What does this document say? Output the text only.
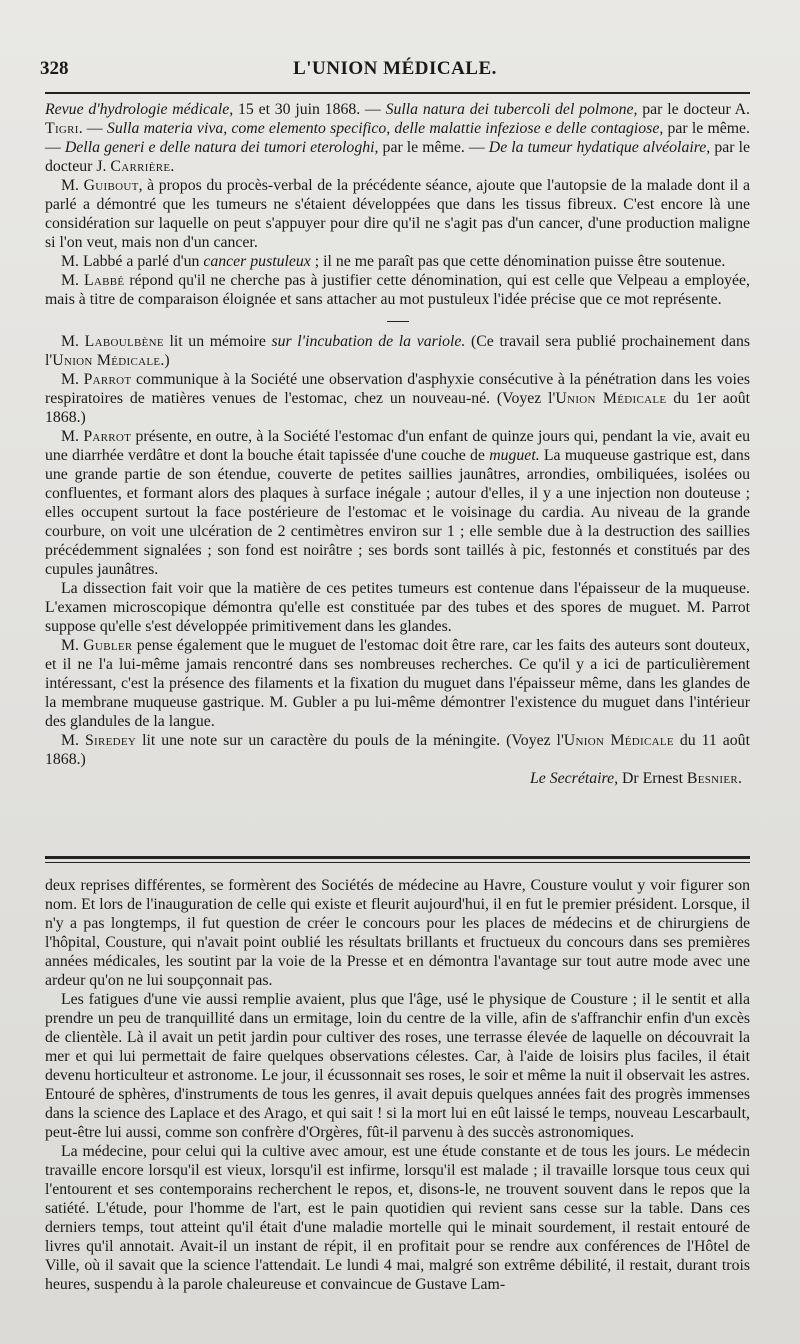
328	L'UNION MÉDICALE.

Revue d'hydrologie médicale, 15 et 30 juin 1868. — Sulla natura dei tubercoli del polmone, par le docteur A. Tigri. — Sulla materia viva, come elemento specifico, delle malattie infeziose e delle contagiose, par le même. — Della generi e delle natura dei tumori eterologhi, par le même. — De la tumeur hydatique alvéolaire, par le docteur J. Carrière.

M. Guibout, à propos du procès-verbal de la précédente séance, ajoute que l'autopsie de la malade dont il a parlé a démontré que les tumeurs ne s'étaient développées que dans les tissus fibreux. C'est encore là une considération sur laquelle on peut s'appuyer pour dire qu'il ne s'agit pas d'un cancer, d'une production maligne si l'on veut, mais non d'un cancer.

M. Labbé a parlé d'un cancer pustuleux ; il ne me paraît pas que cette dénomination puisse être soutenue.

M. Labbé répond qu'il ne cherche pas à justifier cette dénomination, qui est celle que Velpeau a employée, mais à titre de comparaison éloignée et sans attacher au mot pustuleux l'idée précise que ce mot représente.

M. Laboulbène lit un mémoire sur l'incubation de la variole. (Ce travail sera publié prochainement dans l'Union Médicale.)

M. Parrot communique à la Société une observation d'asphyxie consécutive à la pénétration dans les voies respiratoires de matières venues de l'estomac, chez un nouveau-né. (Voyez l'Union Médicale du 1er août 1868.)

M. Parrot présente, en outre, à la Société l'estomac d'un enfant de quinze jours qui, pendant la vie, avait eu une diarrhée verdâtre et dont la bouche était tapissée d'une couche de muguet. La muqueuse gastrique est, dans une grande partie de son étendue, couverte de petites saillies jaunâtres, arrondies, ombiliquées, isolées ou confluentes, et formant alors des plaques à surface inégale ; autour d'elles, il y a une injection non douteuse ; elles occupent surtout la face postérieure de l'estomac et le voisinage du cardia. Au niveau de la grande courbure, on voit une ulcération de 2 centimètres environ sur 1 ; elle semble due à la destruction des saillies précédemment signalées ; son fond est noirâtre ; ses bords sont taillés à pic, festonnés et constitués par des cupules jaunâtres.

La dissection fait voir que la matière de ces petites tumeurs est contenue dans l'épaisseur de la muqueuse. L'examen microscopique démontra qu'elle est constituée par des tubes et des spores de muguet. M. Parrot suppose qu'elle s'est développée primitivement dans les glandes.

M. Gubler pense également que le muguet de l'estomac doit être rare, car les faits des auteurs sont douteux, et il ne l'a lui-même jamais rencontré dans ses nombreuses recherches. Ce qu'il y a ici de particulièrement intéressant, c'est la présence des filaments et la fixation du muguet dans l'épaisseur même, dans les glandes de la membrane muqueuse gastrique. M. Gubler a pu lui-même démontrer l'existence du muguet dans l'intérieur des glandules de la langue.

M. Siredey lit une note sur un caractère du pouls de la méningite. (Voyez l'Union Médicale du 11 août 1868.)

Le Secrétaire, Dr Ernest Besnier.

deux reprises différentes, se formèrent des Sociétés de médecine au Havre, Cousture voulut y voir figurer son nom. Et lors de l'inauguration de celle qui existe et fleurit aujourd'hui, il en fut le premier président. Lorsque, il n'y a pas longtemps, il fut question de créer le concours pour les places de médecins et de chirurgiens de l'hôpital, Cousture, qui n'avait point oublié les résultats brillants et fructueux du concours dans ses premières années médicales, les soutint par la voie de la Presse et en démontra l'avantage sur tout autre mode avec une ardeur qu'on ne lui soupçonnait pas.

Les fatigues d'une vie aussi remplie avaient, plus que l'âge, usé le physique de Cousture ; il le sentit et alla prendre un peu de tranquillité dans un ermitage, loin du centre de la ville, afin de s'affranchir enfin d'un excès de clientèle. Là il avait un petit jardin pour cultiver des roses, une terrasse élevée de laquelle on découvrait la mer et qui lui permettait de faire quelques observations célestes. Car, à l'aide de loisirs plus faciles, il était devenu horticulteur et astronome. Le jour, il écussonnait ses roses, le soir et même la nuit il observait les astres. Entouré de sphères, d'instruments de tous les genres, il avait depuis quelques années fait des progrès immenses dans la science des Laplace et des Arago, et qui sait ! si la mort lui en eût laissé le temps, nouveau Lescarbault, peut-être lui aussi, comme son confrère d'Orgères, fût-il parvenu à des succès astronomiques.

La médecine, pour celui qui la cultive avec amour, est une étude constante et de tous les jours. Le médecin travaille encore lorsqu'il est vieux, lorsqu'il est infirme, lorsqu'il est malade ; il travaille lorsque tous ceux qui l'entourent et ses contemporains recherchent le repos, et, disons-le, ne trouvent souvent dans le repos que la satiété. L'étude, pour l'homme de l'art, est le pain quotidien qui revient sans cesse sur la table. Dans ces derniers temps, tout atteint qu'il était d'une maladie mortelle qui le minait sourdement, il restait entouré de livres qu'il annotait. Avait-il un instant de répit, il en profitait pour se rendre aux conférences de l'Hôtel de Ville, où il savait que la science l'attendait. Le lundi 4 mai, malgré son extrême débilité, il restait, durant trois heures, suspendu à la parole chaleureuse et convaincue de Gustave Lam-
